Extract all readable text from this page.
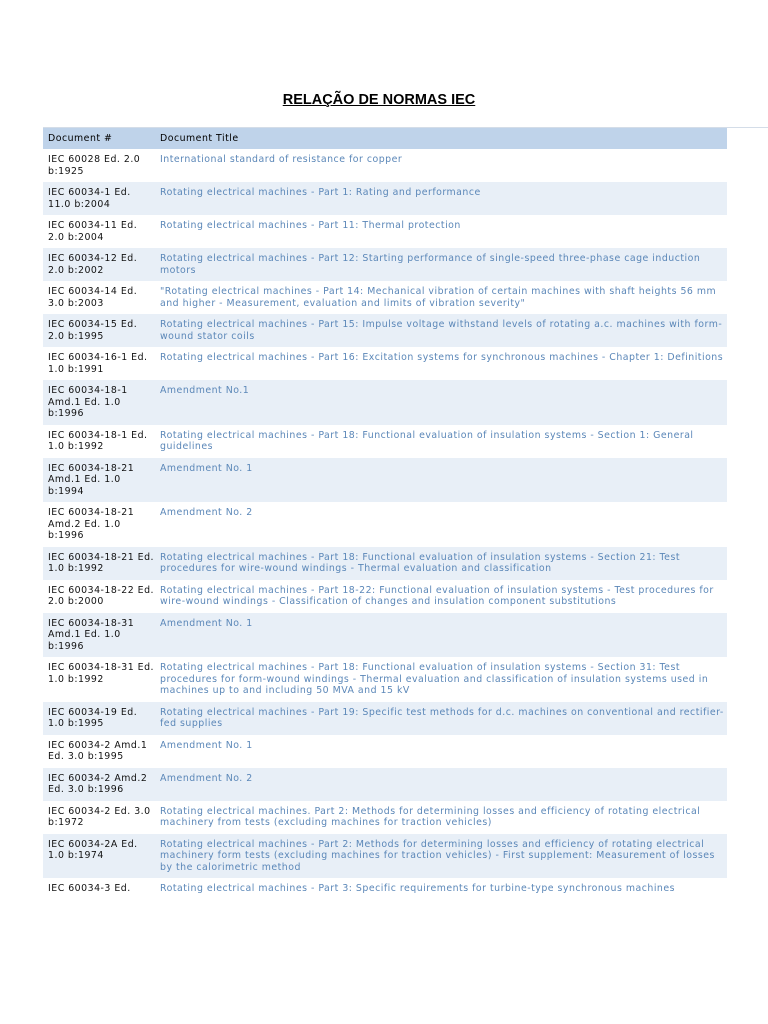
RELAÇÃO DE NORMAS IEC
Document #	Document Title
IEC 60028 Ed. 2.0 b:1925	International standard of resistance for copper
IEC 60034-1 Ed. 11.0 b:2004	Rotating electrical machines - Part 1: Rating and performance
IEC 60034-11 Ed. 2.0 b:2004	Rotating electrical machines - Part 11: Thermal protection
IEC 60034-12 Ed. 2.0 b:2002	Rotating electrical machines - Part 12: Starting performance of single-speed three-phase cage induction motors
IEC 60034-14 Ed. 3.0 b:2003	"Rotating electrical machines - Part 14: Mechanical vibration of certain machines with shaft heights 56 mm and higher - Measurement, evaluation and limits of vibration severity"
IEC 60034-15 Ed. 2.0 b:1995	Rotating electrical machines - Part 15: Impulse voltage withstand levels of rotating a.c. machines with form-wound stator coils
IEC 60034-16-1 Ed. 1.0 b:1991	Rotating electrical machines - Part 16: Excitation systems for synchronous machines - Chapter 1: Definitions
IEC 60034-18-1 Amd.1 Ed. 1.0 b:1996	Amendment No.1
IEC 60034-18-1 Ed. 1.0 b:1992	Rotating electrical machines - Part 18: Functional evaluation of insulation systems - Section 1: General guidelines
IEC 60034-18-21 Amd.1 Ed. 1.0 b:1994	Amendment No. 1
IEC 60034-18-21 Amd.2 Ed. 1.0 b:1996	Amendment No. 2
IEC 60034-18-21 Ed. 1.0 b:1992	Rotating electrical machines - Part 18: Functional evaluation of insulation systems - Section 21: Test procedures for wire-wound windings - Thermal evaluation and classification
IEC 60034-18-22 Ed. 2.0 b:2000	Rotating electrical machines - Part 18-22: Functional evaluation of insulation systems - Test procedures for wire-wound windings - Classification of changes and insulation component substitutions
IEC 60034-18-31 Amd.1 Ed. 1.0 b:1996	Amendment No. 1
IEC 60034-18-31 Ed. 1.0 b:1992	Rotating electrical machines - Part 18: Functional evaluation of insulation systems - Section 31: Test procedures for form-wound windings - Thermal evaluation and classification of insulation systems used in machines up to and including 50 MVA and 15 kV
IEC 60034-19 Ed. 1.0 b:1995	Rotating electrical machines - Part 19: Specific test methods for d.c. machines on conventional and rectifier-fed supplies
IEC 60034-2 Amd.1 Ed. 3.0 b:1995	Amendment No. 1
IEC 60034-2 Amd.2 Ed. 3.0 b:1996	Amendment No. 2
IEC 60034-2 Ed. 3.0 b:1972	Rotating electrical machines. Part 2: Methods for determining losses and efficiency of rotating electrical machinery from tests (excluding machines for traction vehicles)
IEC 60034-2A Ed. 1.0 b:1974	Rotating electrical machines - Part 2: Methods for determining losses and efficiency of rotating electrical machinery form tests (excluding machines for traction vehicles) - First supplement: Measurement of losses by the calorimetric method
IEC 60034-3 Ed.	Rotating electrical machines - Part 3: Specific requirements for turbine-type synchronous machines
